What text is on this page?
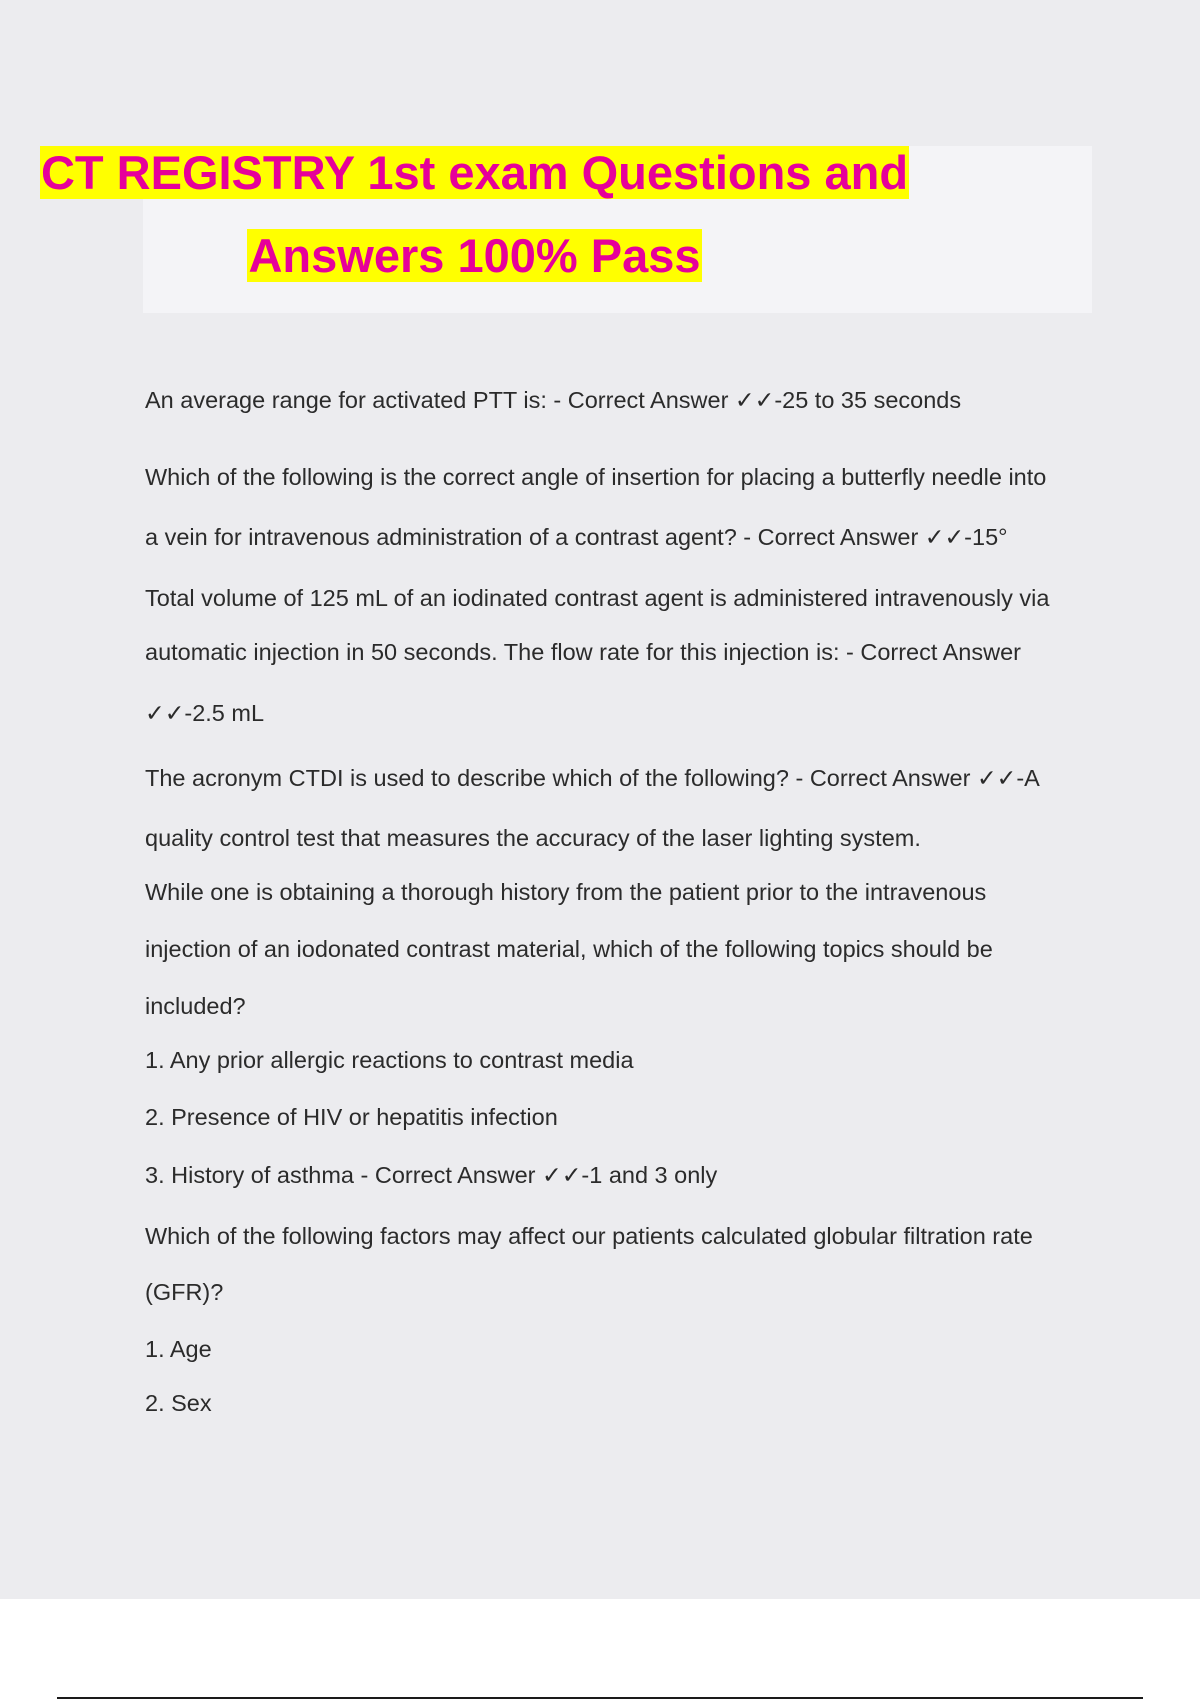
CT REGISTRY 1st exam Questions and
Answers 100% Pass
An average range for activated PTT is: - Correct Answer ✓✓-25 to 35 seconds
Which of the following is the correct angle of insertion for placing a butterfly needle into
a vein for intravenous administration of a contrast agent? - Correct Answer ✓✓-15°
Total volume of 125 mL of an iodinated contrast agent is administered intravenously via
automatic injection in 50 seconds. The flow rate for this injection is: - Correct Answer
✓✓-2.5 mL
The acronym CTDI is used to describe which of the following? - Correct Answer ✓✓-A
quality control test that measures the accuracy of the laser lighting system.
While one is obtaining a thorough history from the patient prior to the intravenous
injection of an iodonated contrast material, which of the following topics should be
included?
1. Any prior allergic reactions to contrast media
2. Presence of HIV or hepatitis infection
3. History of asthma - Correct Answer ✓✓-1 and 3 only
Which of the following factors may affect our patients calculated globular filtration rate
(GFR)?
1. Age
2. Sex
